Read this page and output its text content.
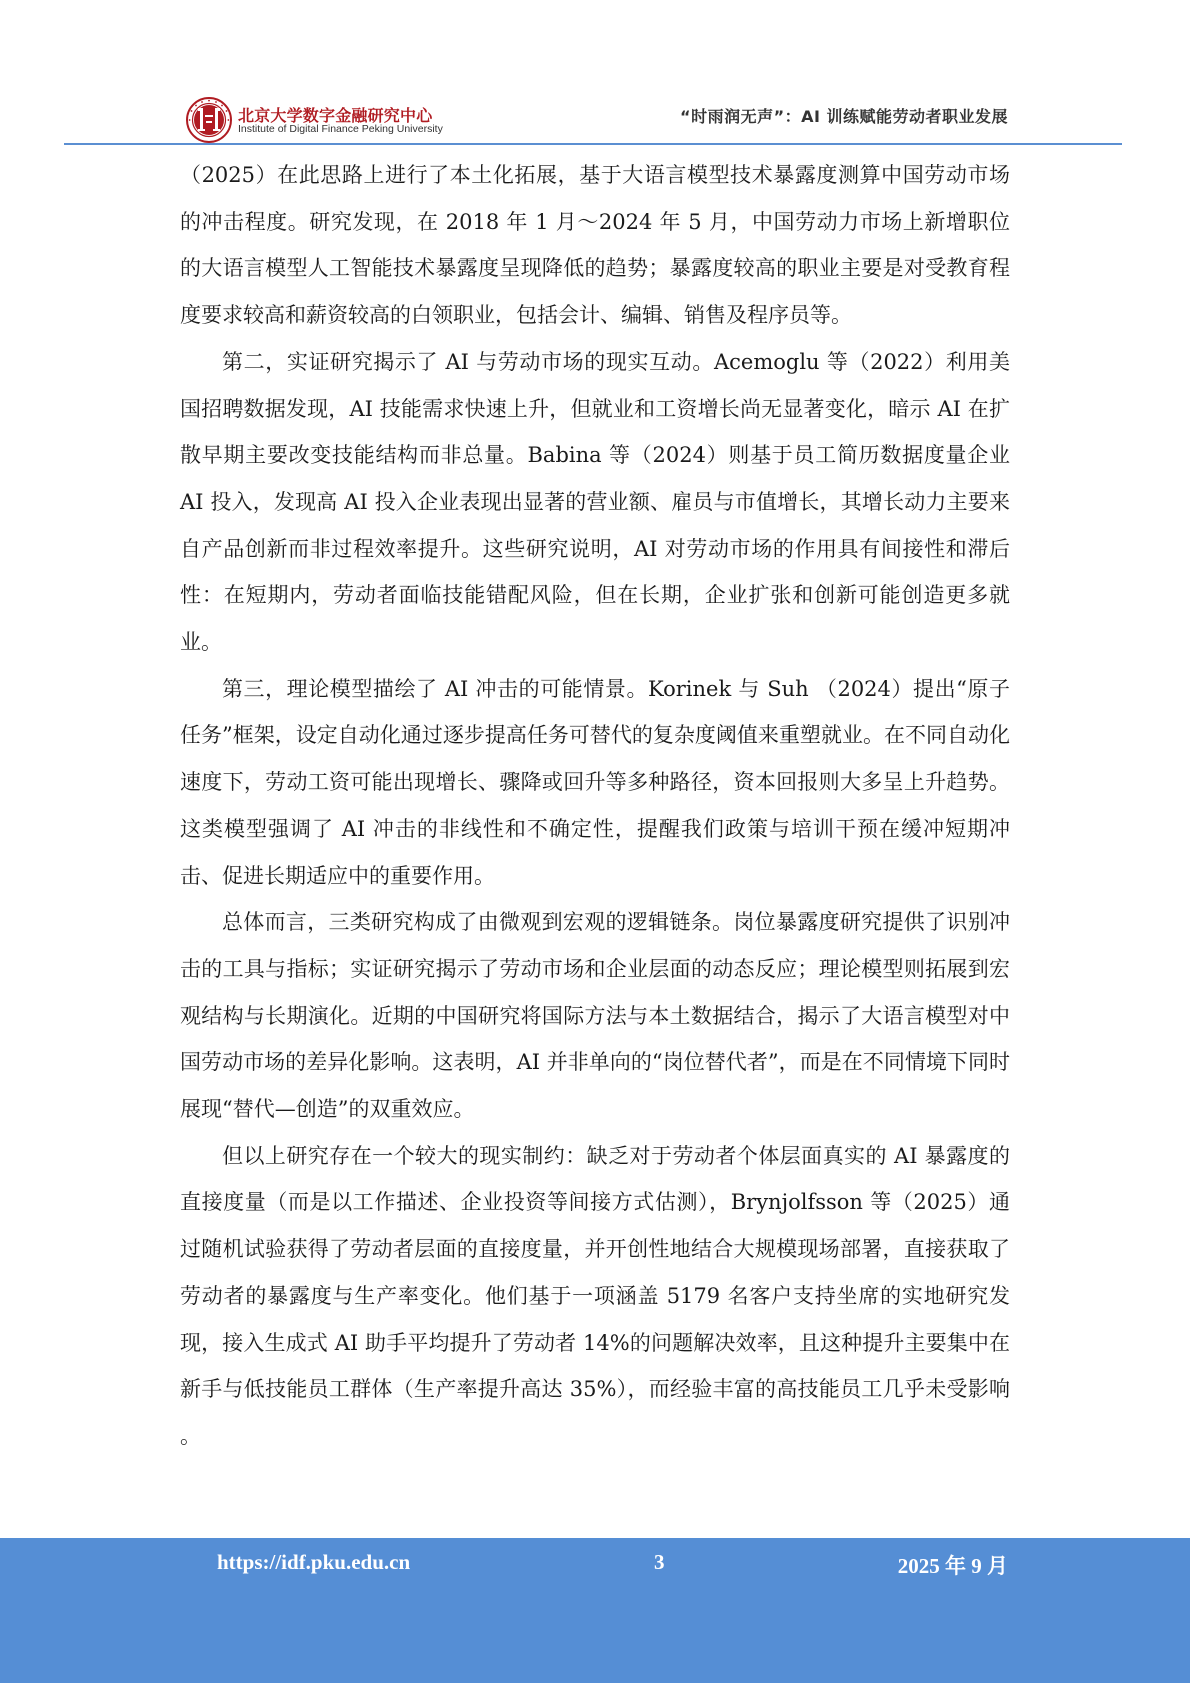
北京大学数字金融研究中心
Institute of Digital Finance Peking University
“时雨润无声”：AI 训练赋能劳动者职业发展

（2025）在此思路上进行了本土化拓展，基于大语言模型技术暴露度测算中国劳动市场的冲击程度。研究发现，在 2018 年 1 月～2024 年 5 月，中国劳动力市场上新增职位的大语言模型人工智能技术暴露度呈现降低的趋势；暴露度较高的职业主要是对受教育程度要求较高和薪资较高的白领职业，包括会计、编辑、销售及程序员等。

第二，实证研究揭示了 AI 与劳动市场的现实互动。Acemoglu 等（2022）利用美国招聘数据发现，AI 技能需求快速上升，但就业和工资增长尚无显著变化，暗示 AI 在扩散早期主要改变技能结构而非总量。Babina 等（2024）则基于员工简历数据度量企业 AI 投入，发现高 AI 投入企业表现出显著的营业额、雇员与市值增长，其增长动力主要来自产品创新而非过程效率提升。这些研究说明，AI 对劳动市场的作用具有间接性和滞后性：在短期内，劳动者面临技能错配风险，但在长期，企业扩张和创新可能创造更多就业。

第三，理论模型描绘了 AI 冲击的可能情景。Korinek 与 Suh （2024）提出“原子任务”框架，设定自动化通过逐步提高任务可替代的复杂度阈值来重塑就业。在不同自动化速度下，劳动工资可能出现增长、骤降或回升等多种路径，资本回报则大多呈上升趋势。这类模型强调了 AI 冲击的非线性和不确定性，提醒我们政策与培训干预在缓冲短期冲击、促进长期适应中的重要作用。

总体而言，三类研究构成了由微观到宏观的逻辑链条。岗位暴露度研究提供了识别冲击的工具与指标；实证研究揭示了劳动市场和企业层面的动态反应；理论模型则拓展到宏观结构与长期演化。近期的中国研究将国际方法与本土数据结合，揭示了大语言模型对中国劳动市场的差异化影响。这表明，AI 并非单向的“岗位替代者”，而是在不同情境下同时展现“替代—创造”的双重效应。

但以上研究存在一个较大的现实制约：缺乏对于劳动者个体层面真实的 AI 暴露度的直接度量（而是以工作描述、企业投资等间接方式估测），Brynjolfsson 等（2025）通过随机试验获得了劳动者层面的直接度量，并开创性地结合大规模现场部署，直接获取了劳动者的暴露度与生产率变化。他们基于一项涵盖 5179 名客户支持坐席的实地研究发现，接入生成式 AI 助手平均提升了劳动者 14%的问题解决效率，且这种提升主要集中在新手与低技能员工群体（生产率提升高达 35%），而经验丰富的高技能员工几乎未受影响 。

https://idf.pku.edu.cn	3	2025 年 9 月
